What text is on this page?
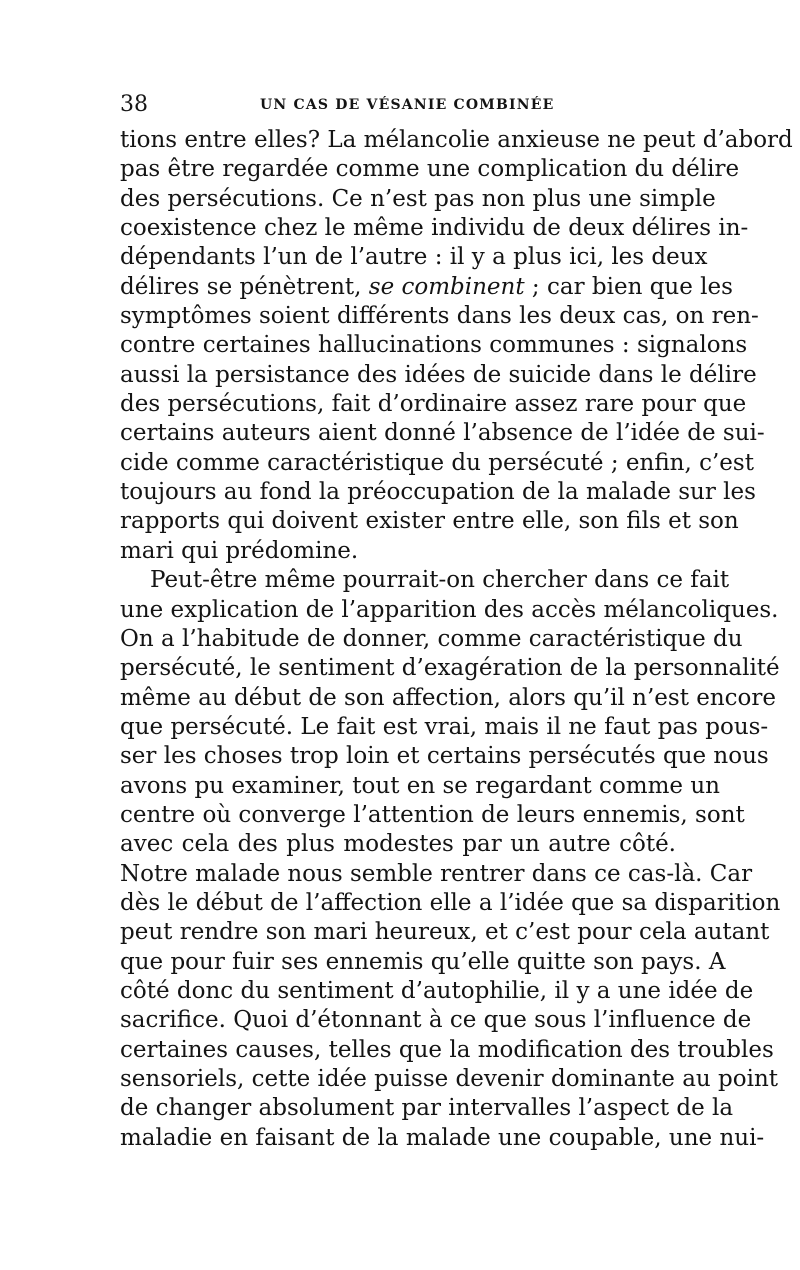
38	UN CAS DE VÉSANIE COMBINÉE
tions entre elles? La mélancolie anxieuse ne peut d’abord
pas être regardée comme une complication du délire
des persécutions. Ce n’est pas non plus une simple
coexistence chez le même individu de deux délires in-
dépendants l’un de l’autre : il y a plus ici, les deux
délires se pénètrent, se combinent ; car bien que les
symptômes soient différents dans les deux cas, on ren-
contre certaines hallucinations communes : signalons
aussi la persistance des idées de suicide dans le délire
des persécutions, fait d’ordinaire assez rare pour que
certains auteurs aient donné l’absence de l’idée de sui-
cide comme caractéristique du persécuté ; enfin, c’est
toujours au fond la préoccupation de la malade sur les
rapports qui doivent exister entre elle, son fils et son
mari qui prédomine.
Peut-être même pourrait-on chercher dans ce fait
une explication de l’apparition des accès mélancoliques.
On a l’habitude de donner, comme caractéristique du
persécuté, le sentiment d’exagération de la personnalité
même au début de son affection, alors qu’il n’est encore
que persécuté. Le fait est vrai, mais il ne faut pas pous-
ser les choses trop loin et certains persécutés que nous
avons pu examiner, tout en se regardant comme un
centre où converge l’attention de leurs ennemis, sont
avec cela des plus modestes par un autre côté.
Notre malade nous semble rentrer dans ce cas-là. Car
dès le début de l’affection elle a l’idée que sa disparition
peut rendre son mari heureux, et c’est pour cela autant
que pour fuir ses ennemis qu’elle quitte son pays. A
côté donc du sentiment d’autophilie, il y a une idée de
sacrifice. Quoi d’étonnant à ce que sous l’influence de
certaines causes, telles que la modification des troubles
sensoriels, cette idée puisse devenir dominante au point
de changer absolument par intervalles l’aspect de la
maladie en faisant de la malade une coupable, une nui-
